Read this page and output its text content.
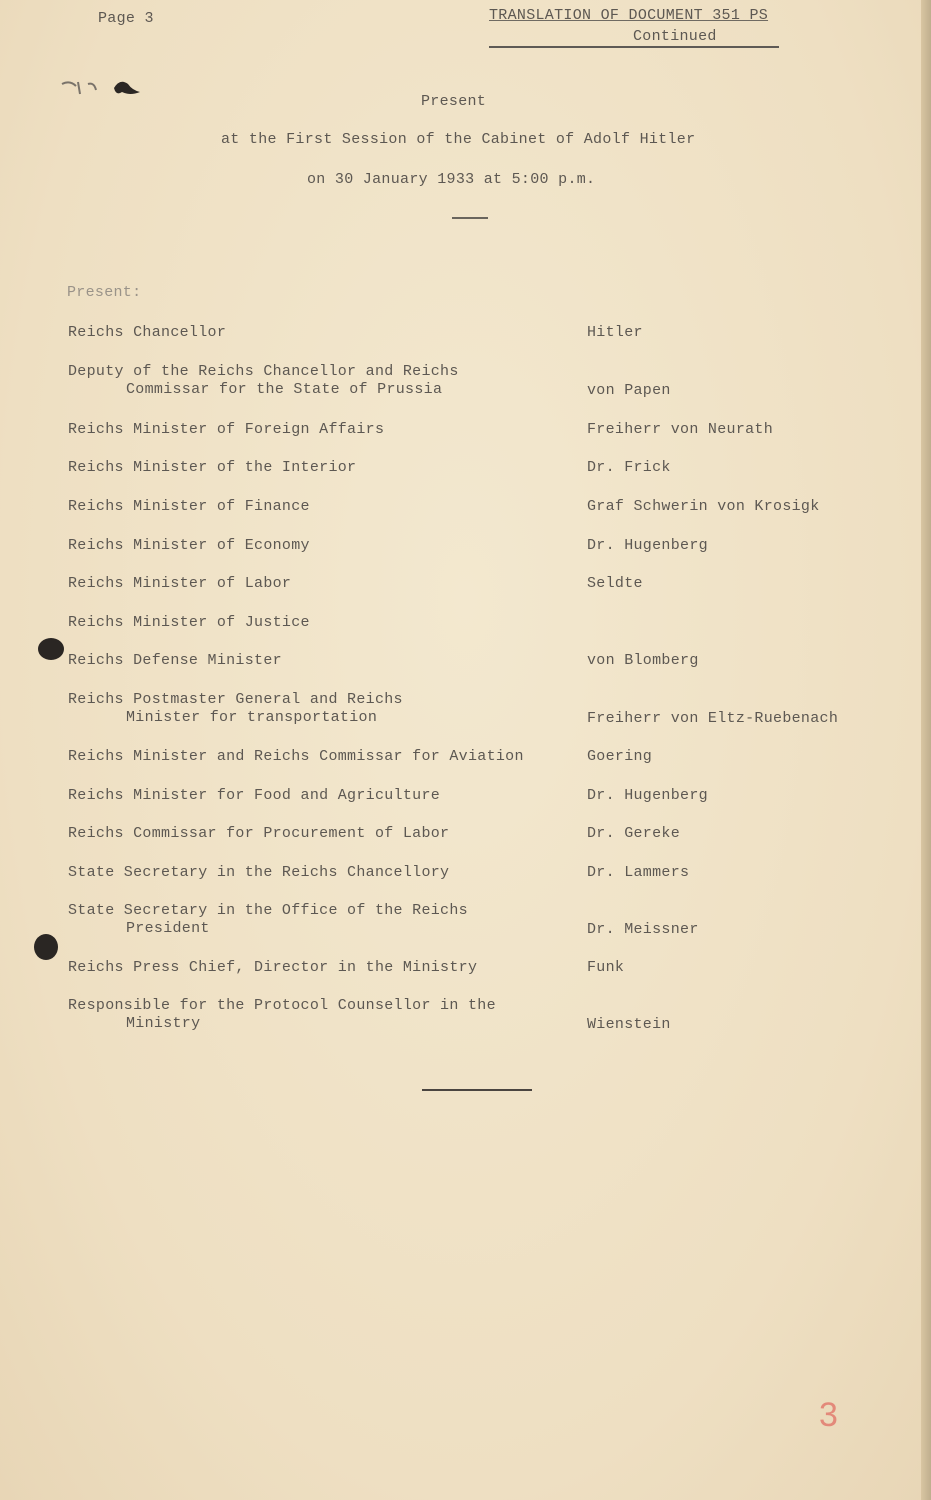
Page 3	TRANSLATION OF DOCUMENT 351 PS
Continued
Present
at the First Session of the Cabinet of Adolf Hitler
on 30 January 1933 at 5:00 p.m.
Present:
Reichs Chancellor	Hitler
Deputy of the Reichs Chancellor and Reichs
Commissar for the State of Prussia	von Papen
Reichs Minister of Foreign Affairs	Freiherr von Neurath
Reichs Minister of the Interior	Dr. Frick
Reichs Minister of Finance	Graf Schwerin von Krosigk
Reichs Minister of Economy	Dr. Hugenberg
Reichs Minister of Labor	Seldte
Reichs Minister of Justice
Reichs Defense Minister	von Blomberg
Reichs Postmaster General and Reichs
Minister for transportation	Freiherr von Eltz-Ruebenach
Reichs Minister and Reichs Commissar for Aviation	Goering
Reichs Minister for Food and Agriculture	Dr. Hugenberg
Reichs Commissar for Procurement of Labor	Dr. Gereke
State Secretary in the Reichs Chancellory	Dr. Lammers
State Secretary in the Office of the Reichs
President	Dr. Meissner
Reichs Press Chief, Director in the Ministry	Funk
Responsible for the Protocol Counsellor in the
Ministry	Wienstein
3
